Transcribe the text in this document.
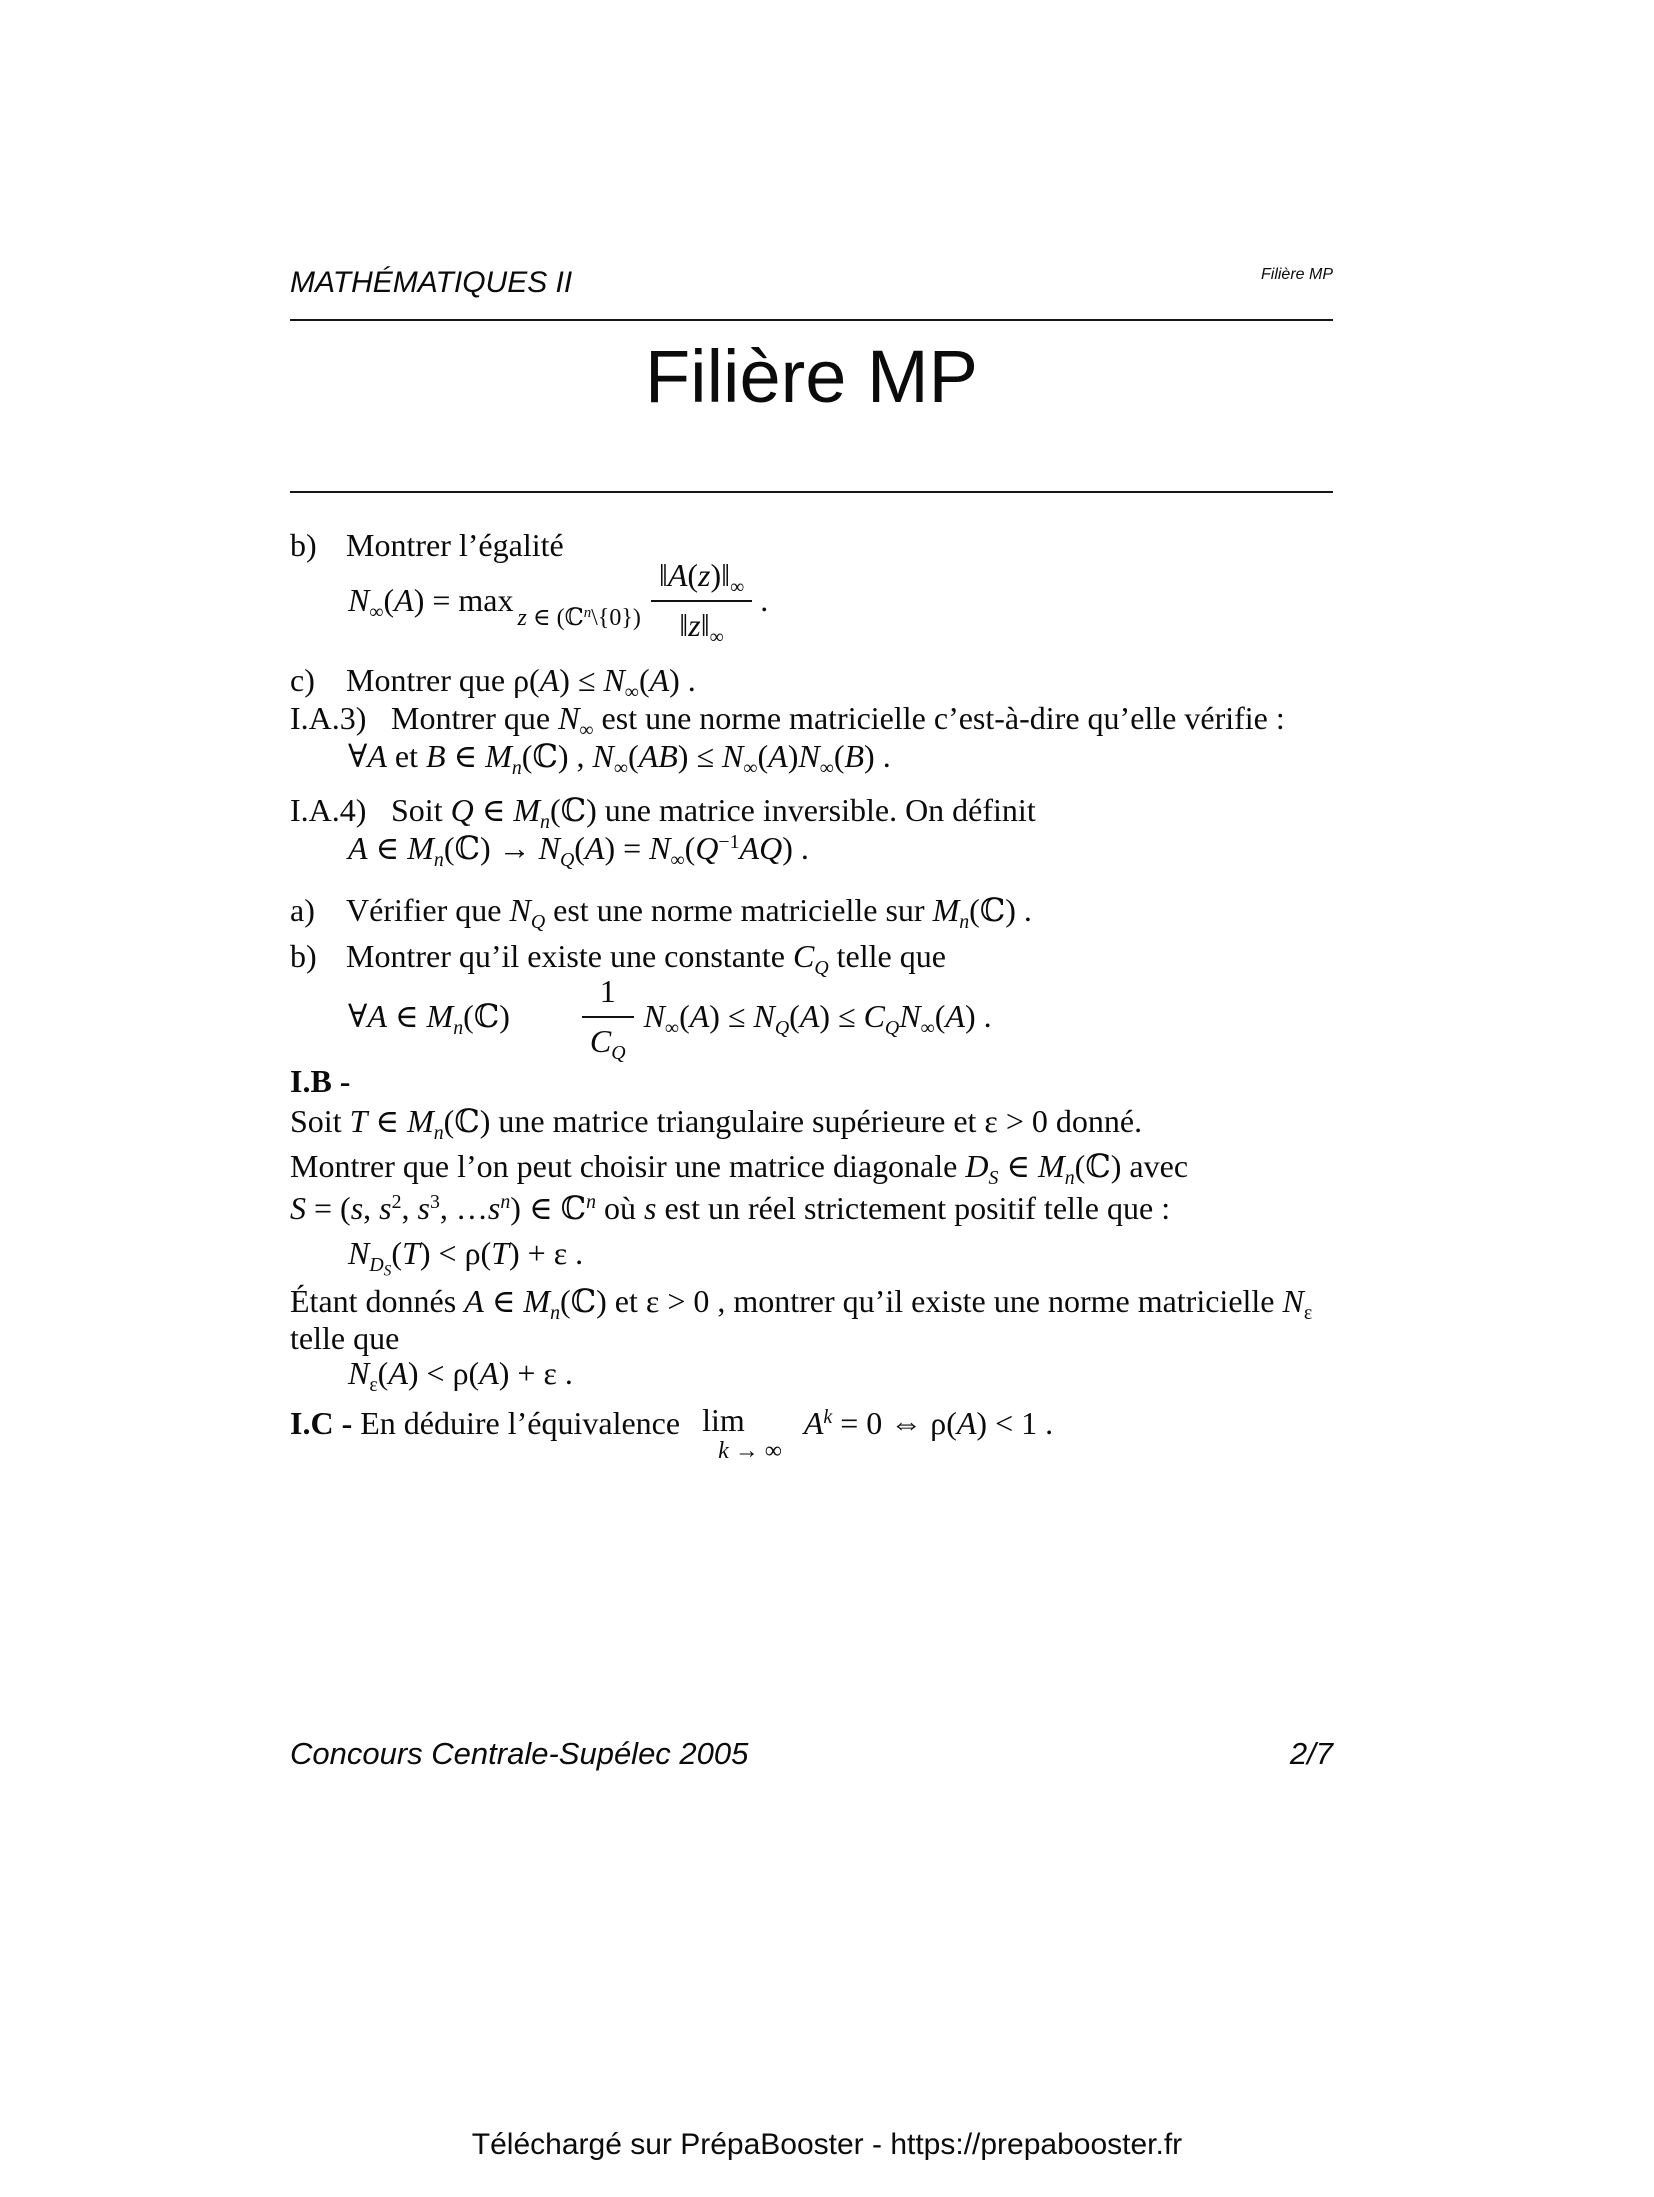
MATHÉMATIQUES II	Filière MP
Filière MP
b) Montrer l’égalité
$N_\infty(A) = \max z$ ∈ (ℂ$^n$\{0}) $\frac{‖A(z)‖_\infty}{‖z‖_\infty}$ .
c) Montrer que $\rho(A) \le N_\infty(A)$ .
I.A.3) Montrer que $N_\infty$ est une norme matricielle c’est-à-dire qu’elle vérifie :
∀A et B ∈ $M_n(ℂ)$ , $N_\infty(AB) \le N_\infty(A)N_\infty(B)$ .
I.A.4) Soit Q ∈ $M_n(ℂ)$ une matrice inversible. On définit
A ∈ $M_n(ℂ) \to N_Q(A) = N_\infty(Q^{-1}AQ)$ .
a) Vérifier que $N_Q$ est une norme matricielle sur $M_n(ℂ)$ .
b) Montrer qu’il existe une constante $C_Q$ telle que
∀A ∈ $M_n(ℂ) \frac{1}{C_Q} N_\infty(A) \le N_Q(A) \le C_QN_\infty(A)$ .
I.B -
Soit T ∈ $M_n(ℂ)$ une matrice triangulaire supérieure et ε > 0 donné.
Montrer que l’on peut choisir une matrice diagonale $D_S$ ∈ $M_n(ℂ)$ avec
S = (s, $s^2$, $s^3$, $\dots s^n$) ∈ ℂ$^n$ où s est un réel strictement positif telle que :
$N_{D_S}(T) < \rho(T) + \varepsilon$ .
Étant donnés A ∈ $M_n(ℂ)$ et ε > 0 , montrer qu’il existe une norme matricielle $N_\varepsilon$
telle que
$N_\varepsilon(A) < \rho(A) + \varepsilon$ .
I.C - En déduire l’équivalence lim
k → ∞
$A^k = 0$ ⇔ ρ(A) < 1 .
Concours Centrale-Supélec 2005	2/7
Téléchargé sur PrépaBooster - https://prepabooster.fr
